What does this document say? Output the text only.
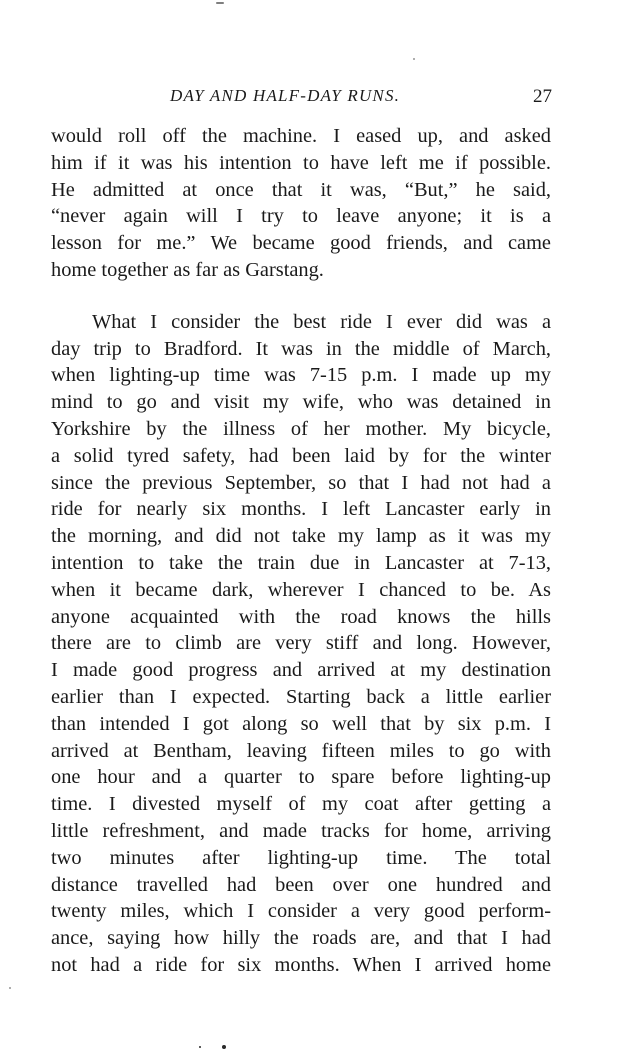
DAY AND HALF-DAY RUNS.	27
would roll off the machine. I eased up, and asked
him if it was his intention to have left me if possible.
He admitted at once that it was, “But,” he said,
“never again will I try to leave anyone; it is a
lesson for me.” We became good friends, and came
home together as far as Garstang.
What I consider the best ride I ever did was a
day trip to Bradford. It was in the middle of March,
when lighting-up time was 7-15 p.m. I made up my
mind to go and visit my wife, who was detained in
Yorkshire by the illness of her mother. My bicycle,
a solid tyred safety, had been laid by for the winter
since the previous September, so that I had not had a
ride for nearly six months. I left Lancaster early in
the morning, and did not take my lamp as it was my
intention to take the train due in Lancaster at 7-13,
when it became dark, wherever I chanced to be. As
anyone acquainted with the road knows the hills
there are to climb are very stiff and long. However,
I made good progress and arrived at my destination
earlier than I expected. Starting back a little earlier
than intended I got along so well that by six p.m. I
arrived at Bentham, leaving fifteen miles to go with
one hour and a quarter to spare before lighting-up
time. I divested myself of my coat after getting a
little refreshment, and made tracks for home, arriving
two minutes after lighting-up time. The total
distance travelled had been over one hundred and
twenty miles, which I consider a very good perform-
ance, saying how hilly the roads are, and that I had
not had a ride for six months. When I arrived home
